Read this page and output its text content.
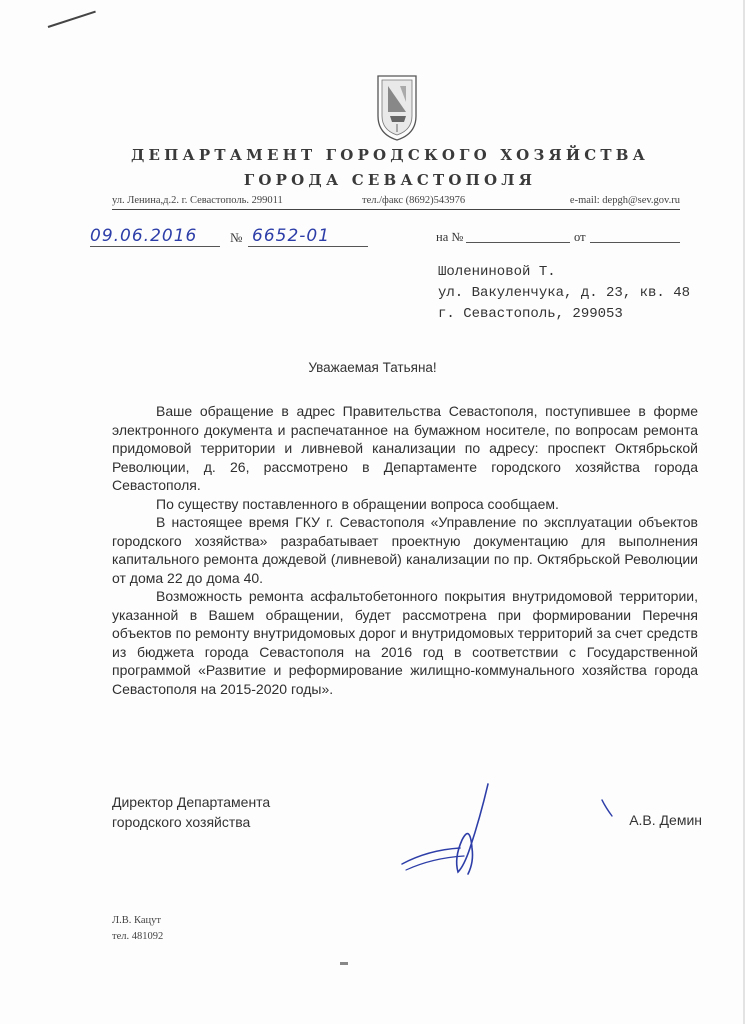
ДЕПАРТАМЕНТ ГОРОДСКОГО ХОЗЯЙСТВА
ГОРОДА СЕВАСТОПОЛЯ
ул. Ленина,д.2. г. Севастополь. 299011	тел./факс (8692)543976	e-mail: depgh@sev.gov.ru
09.06.2016	№ 6652-01	на №	от
Шолениновой Т.
ул. Вакуленчука, д. 23, кв. 48
г. Севастополь, 299053
Уважаемая Татьяна!

Ваше обращение в адрес Правительства Севастополя, поступившее в форме электронного документа и распечатанное на бумажном носителе, по вопросам ремонта придомовой территории и ливневой канализации по адресу: проспект Октябрьской Революции, д. 26, рассмотрено в Департаменте городского хозяйства города Севастополя.

По существу поставленного в обращении вопроса сообщаем.

В настоящее время ГКУ г. Севастополя «Управление по эксплуатации объектов городского хозяйства» разрабатывает проектную документацию для выполнения капитального ремонта дождевой (ливневой) канализации по пр. Октябрьской Революции от дома 22 до дома 40.

Возможность ремонта асфальтобетонного покрытия внутридомовой территории, указанной в Вашем обращении, будет рассмотрена при формировании Перечня объектов по ремонту внутридомовых дорог и внутридомовых территорий за счет средств из бюджета города Севастополя на 2016 год в соответствии с Государственной программой «Развитие и реформирование жилищно-коммунального хозяйства города Севастополя на 2015-2020 годы».

Директор Департамента
городского хозяйства	А.В. Демин
Л.В. Кацут
тел. 481092
